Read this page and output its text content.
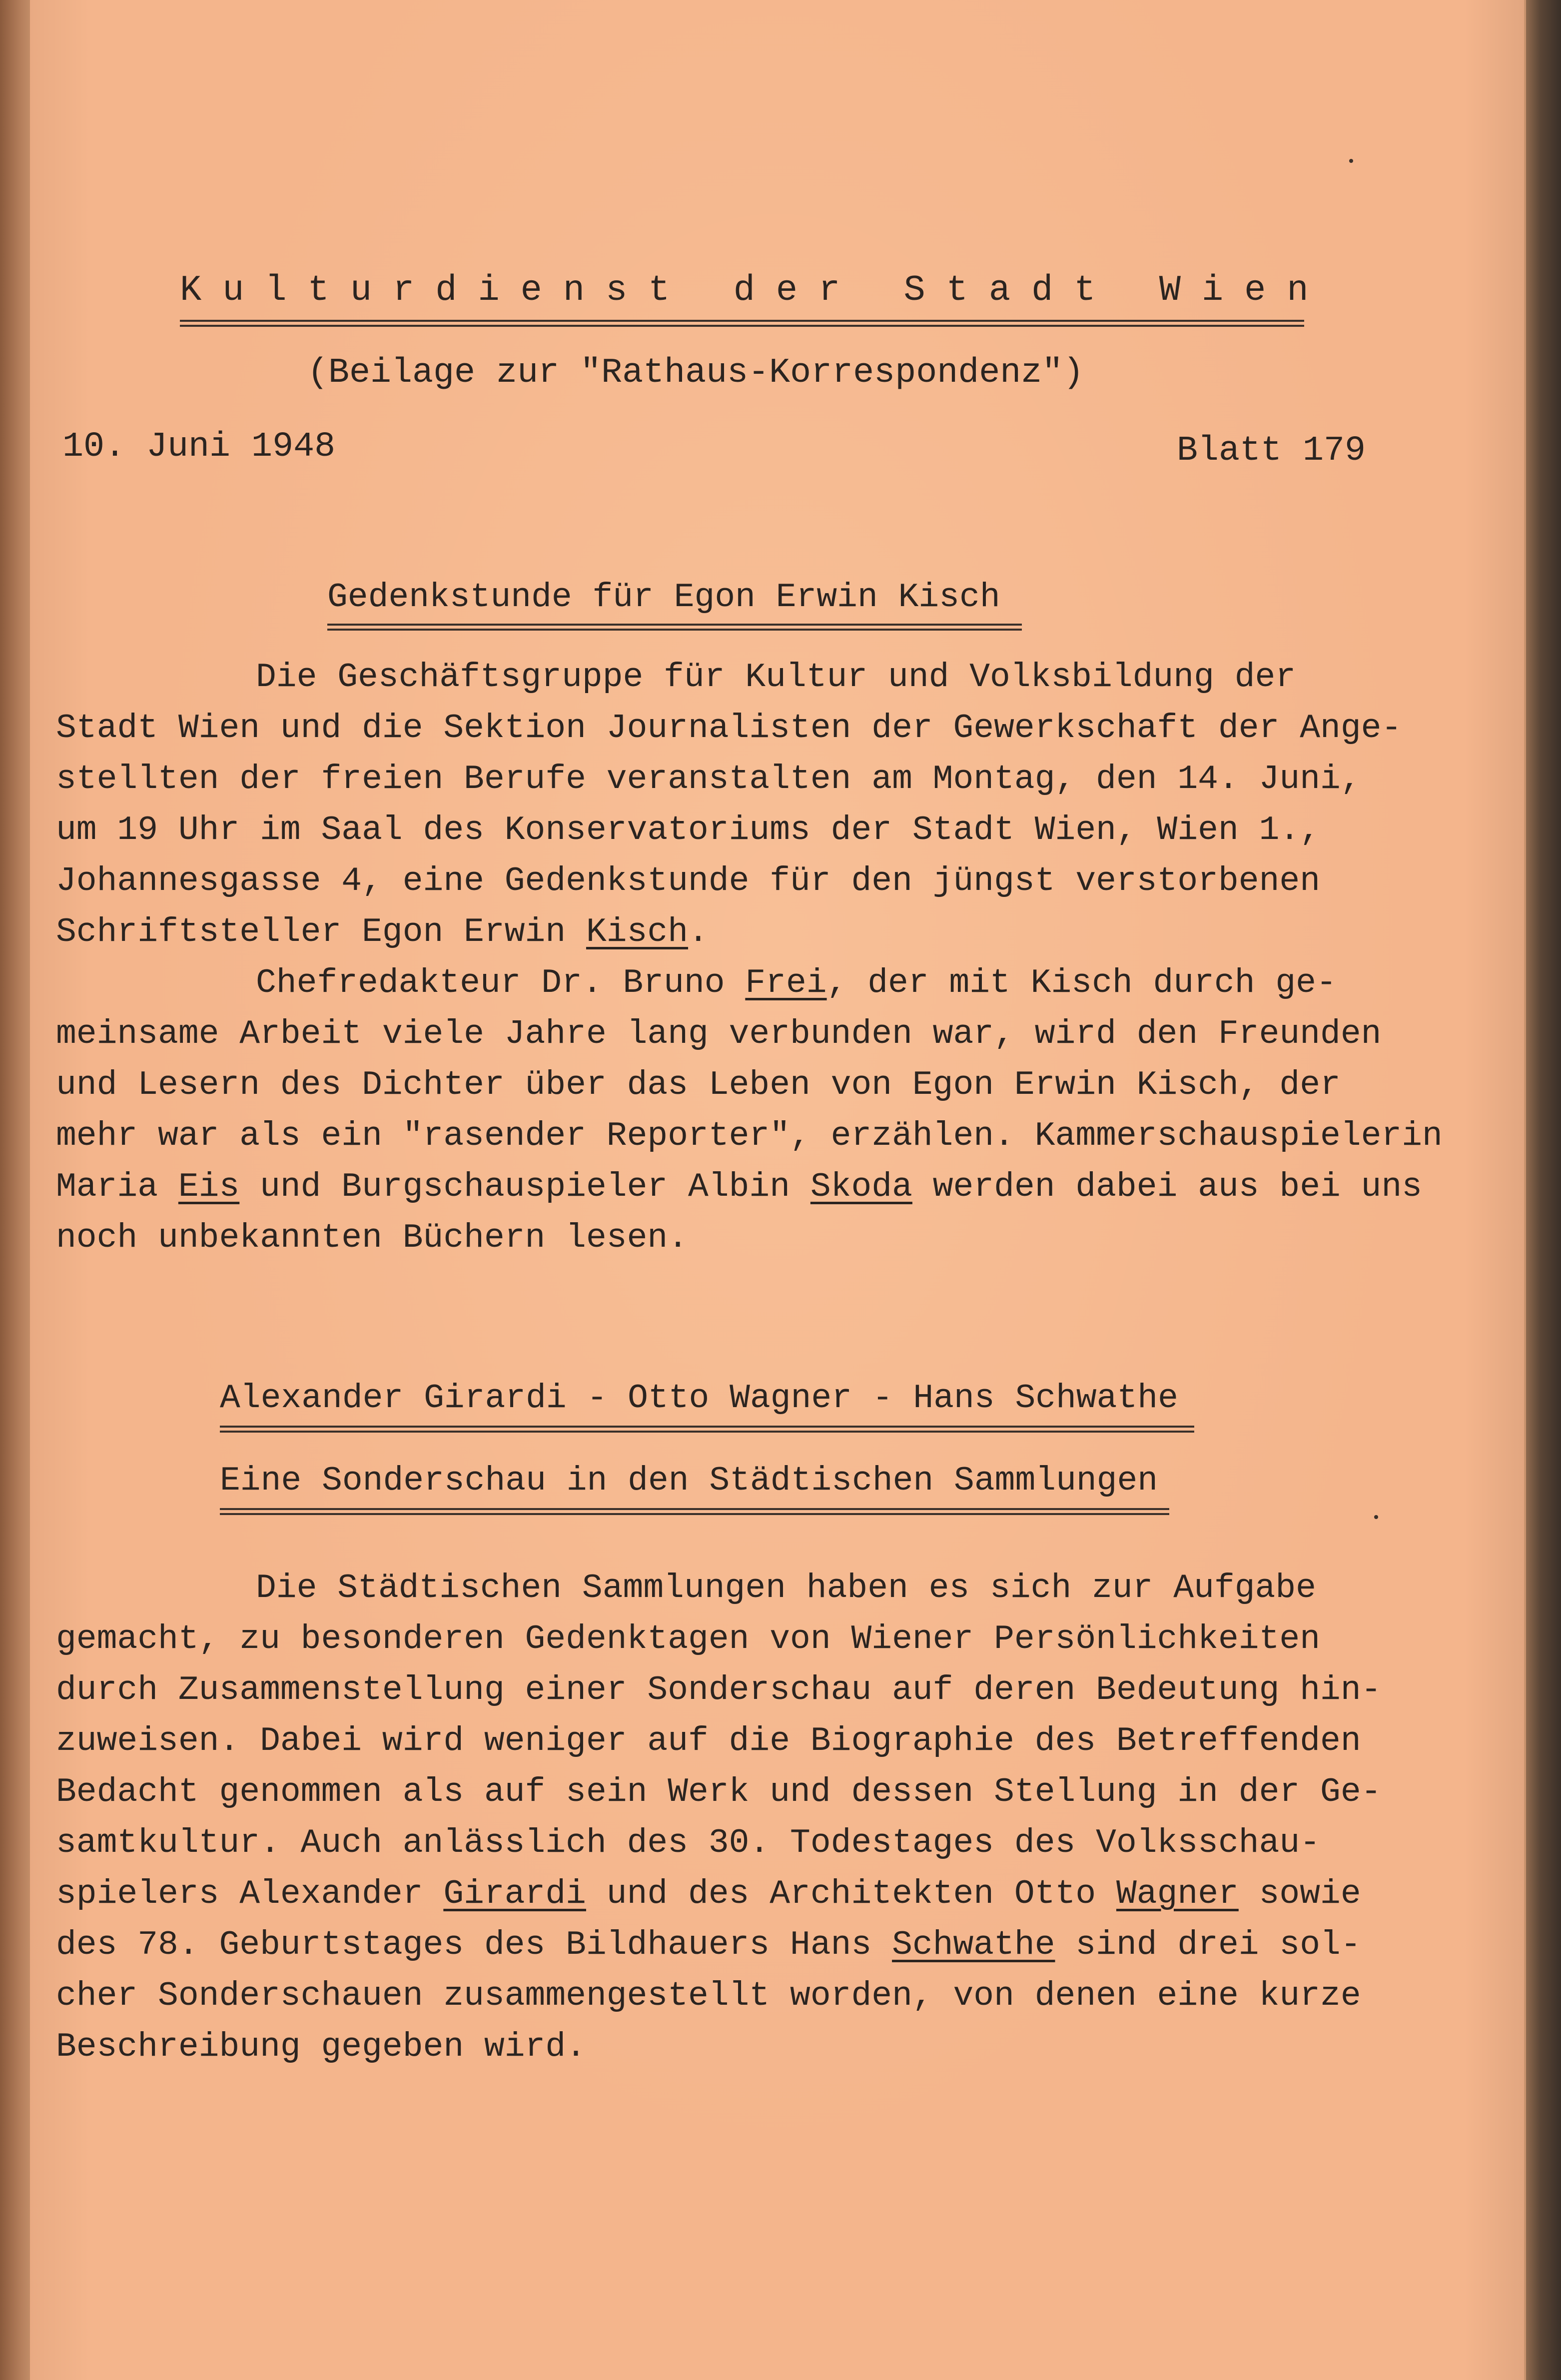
Kulturdienst der Stadt Wien
(Beilage zur "Rathaus-Korrespondenz")
10. Juni 1948	Blatt 179
Gedenkstunde für Egon Erwin Kisch
Die Geschäftsgruppe für Kultur und Volksbildung der
Stadt Wien und die Sektion Journalisten der Gewerkschaft der Ange-
stellten der freien Berufe veranstalten am Montag, den 14. Juni,
um 19 Uhr im Saal des Konservatoriums der Stadt Wien, Wien 1.,
Johannesgasse 4, eine Gedenkstunde für den jüngst verstorbenen
Schriftsteller Egon Erwin Kisch.
Chefredakteur Dr. Bruno Frei, der mit Kisch durch ge-
meinsame Arbeit viele Jahre lang verbunden war, wird den Freunden
und Lesern des Dichter über das Leben von Egon Erwin Kisch, der
mehr war als ein "rasender Reporter", erzählen. Kammerschauspielerin
Maria Eis und Burgschauspieler Albin Skoda werden dabei aus bei uns
noch unbekannten Büchern lesen.
Alexander Girardi - Otto Wagner - Hans Schwathe
Eine Sonderschau in den Städtischen Sammlungen
Die Städtischen Sammlungen haben es sich zur Aufgabe
gemacht, zu besonderen Gedenktagen von Wiener Persönlichkeiten
durch Zusammenstellung einer Sonderschau auf deren Bedeutung hin-
zuweisen. Dabei wird weniger auf die Biographie des Betreffenden
Bedacht genommen als auf sein Werk und dessen Stellung in der Ge-
samtkultur. Auch anlässlich des 30. Todestages des Volksschau-
spielers Alexander Girardi und des Architekten Otto Wagner sowie
des 78. Geburtstages des Bildhauers Hans Schwathe sind drei sol-
cher Sonderschauen zusammengestellt worden, von denen eine kurze
Beschreibung gegeben wird.
